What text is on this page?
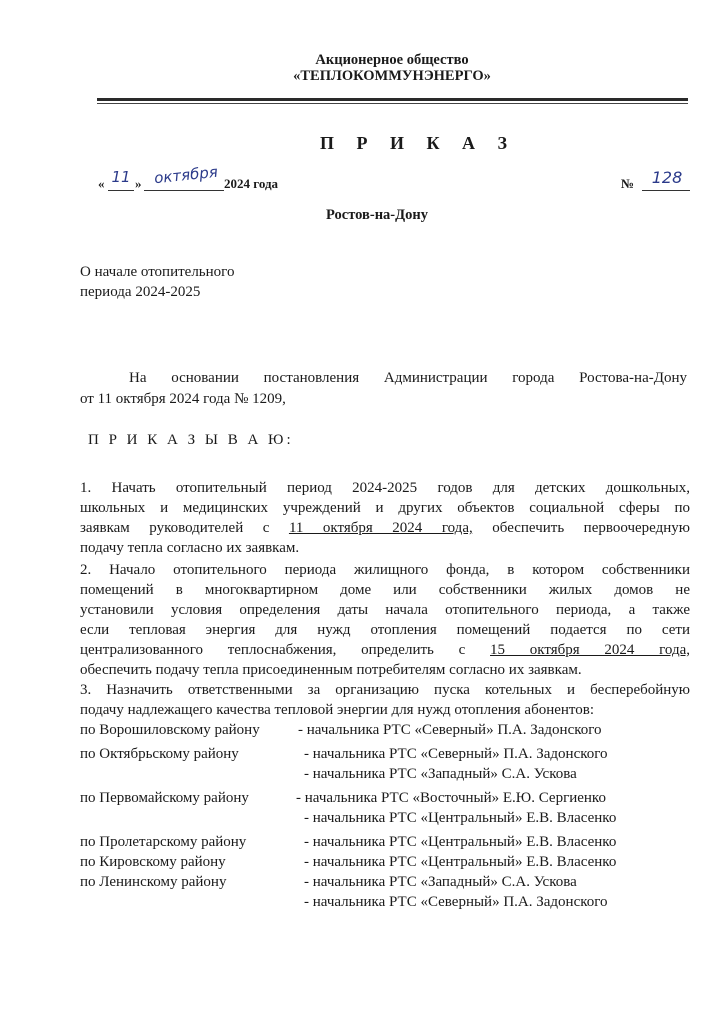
Акционерное общество
«ТЕПЛОКОММУНЭНЕРГО»
П Р И К А З
« 11 » октября 2024 года	№	128
Ростов-на-Дону
О начале отопительного
периода 2024-2025
На основании постановления Администрации города Ростова-на-Дону
от 11 октября 2024 года № 1209,
П Р И К А З Ы В А Ю:
1. Начать отопительный период 2024-2025 годов для детских дошкольных,
школьных и медицинских учреждений и других объектов социальной сферы по
заявкам руководителей с 11 октября 2024 года, обеспечить первоочередную
подачу тепла согласно их заявкам.
2. Начало отопительного периода жилищного фонда, в котором собственники
помещений в многоквартирном доме или собственники жилых домов не
установили условия определения даты начала отопительного периода, а также
если тепловая энергия для нужд отопления помещений подается по сети
централизованного теплоснабжения, определить с 15 октября 2024 года,
обеспечить подачу тепла присоединенным потребителям согласно их заявкам.
3. Назначить ответственными за организацию пуска котельных и бесперебойную
подачу надлежащего качества тепловой энергии для нужд отопления абонентов:
по Ворошиловскому району	- начальника РТС «Северный» П.А. Задонского
по Октябрьскому району	- начальника РТС «Северный» П.А. Задонского
- начальника РТС «Западный» С.А. Ускова
по Первомайскому району	- начальника РТС «Восточный» Е.Ю. Сергиенко
- начальника РТС «Центральный» Е.В. Власенко
по Пролетарскому району	- начальника РТС «Центральный» Е.В. Власенко
по Кировскому району	- начальника РТС «Центральный» Е.В. Власенко
по Ленинскому району	- начальника РТС «Западный» С.А. Ускова
- начальника РТС «Северный» П.А. Задонского
